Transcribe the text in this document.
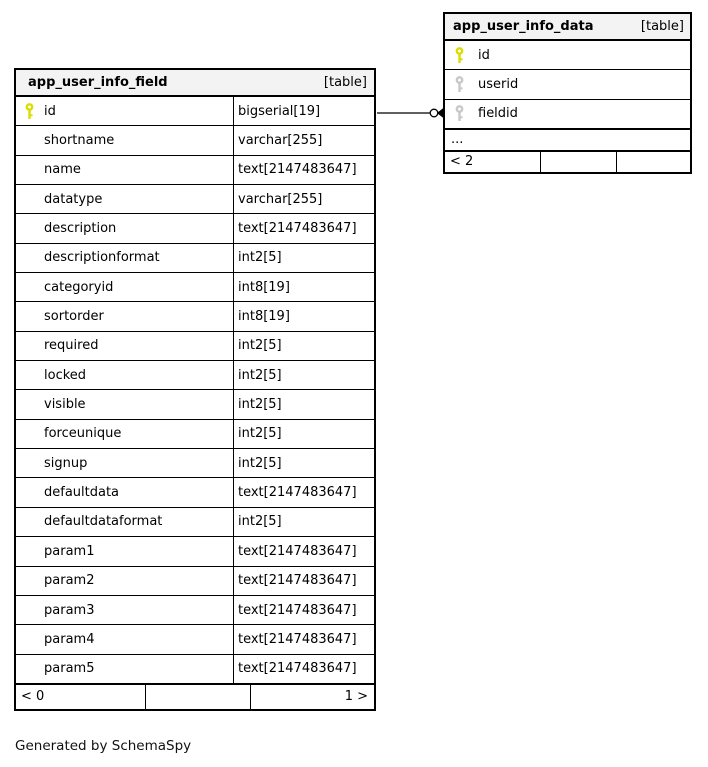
app_user_info_field	[table]
id	bigserial[19]
shortname	varchar[255]
name	text[2147483647]
datatype	varchar[255]
description	text[2147483647]
descriptionformat	int2[5]
categoryid	int8[19]
sortorder	int8[19]
required	int2[5]
locked	int2[5]
visible	int2[5]
forceunique	int2[5]
signup	int2[5]
defaultdata	text[2147483647]
defaultdataformat	int2[5]
param1	text[2147483647]
param2	text[2147483647]
param3	text[2147483647]
param4	text[2147483647]
param5	text[2147483647]
< 0	1 >
app_user_info_data	[table]
id
userid
fieldid
...
< 2
Generated by SchemaSpy
